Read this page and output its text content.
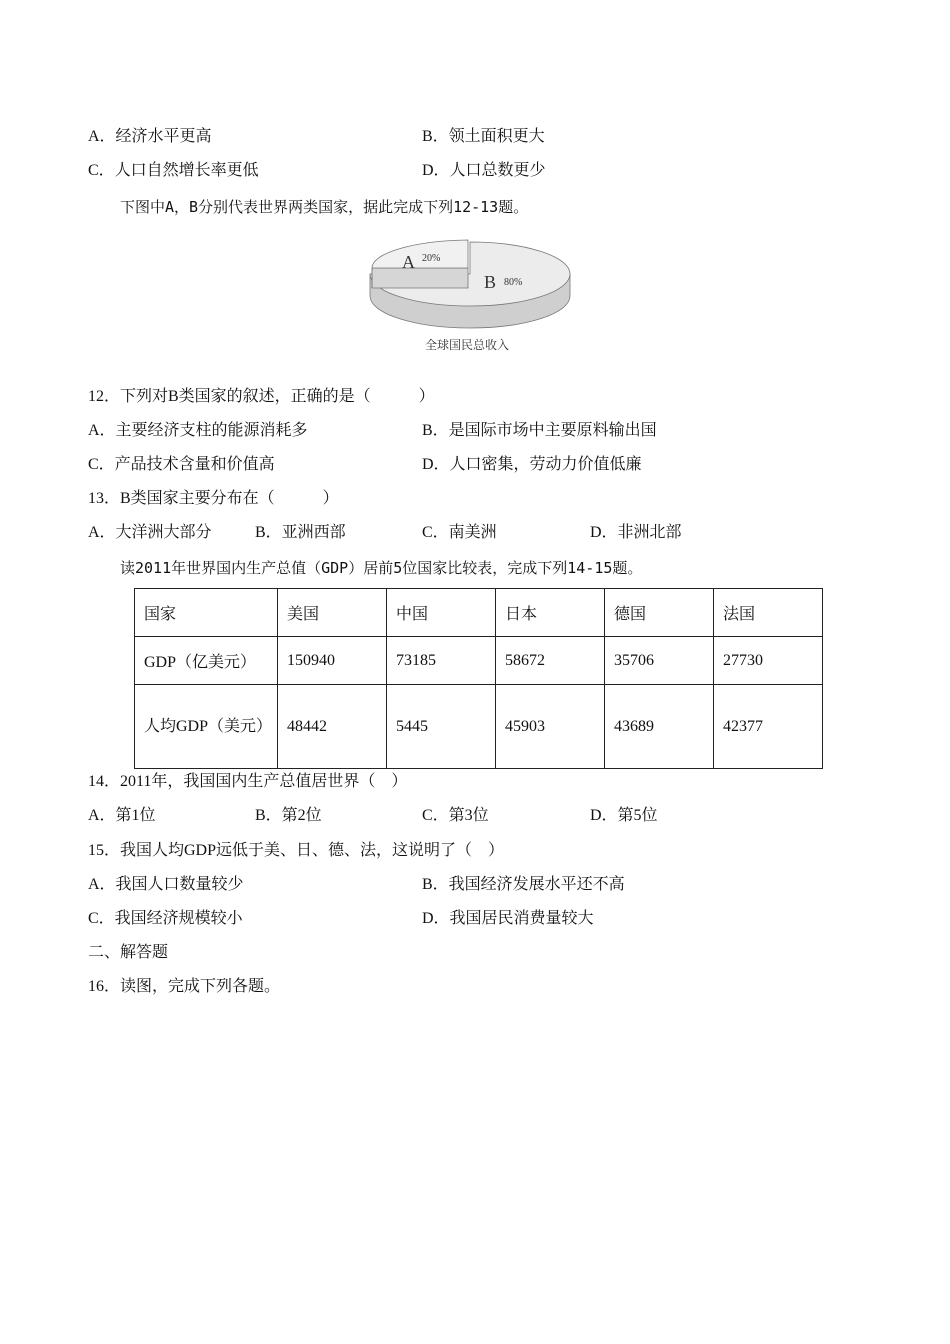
A．经济水平更高	B．领土面积更大
C．人口自然增长率更低	D．人口总数更少
下图中A，B分别代表世界两类国家，据此完成下列12-13题。
A 20%
B 80%
全球国民总收入
12．下列对B类国家的叙述，正确的是（　　　）
A．主要经济支柱的能源消耗多	B．是国际市场中主要原料输出国
C．产品技术含量和价值高	D．人口密集，劳动力价值低廉
13．B类国家主要分布在（　　　）
A．大洋洲大部分	B．亚洲西部	C．南美洲	D．非洲北部
读2011年世界国内生产总值（GDP）居前5位国家比较表，完成下列14-15题。
国家	美国	中国	日本	德国	法国
GDP（亿美元）	150940	73185	58672	35706	27730
人均GDP（美元）	48442	5445	45903	43689	42377
14．2011年，我国国内生产总值居世界（　）
A．第1位	B．第2位	C．第3位	D．第5位
15．我国人均GDP远低于美、日、德、法，这说明了（　）
A．我国人口数量较少	B．我国经济发展水平还不高
C．我国经济规模较小	D．我国居民消费量较大
二、解答题
16．读图，完成下列各题。
